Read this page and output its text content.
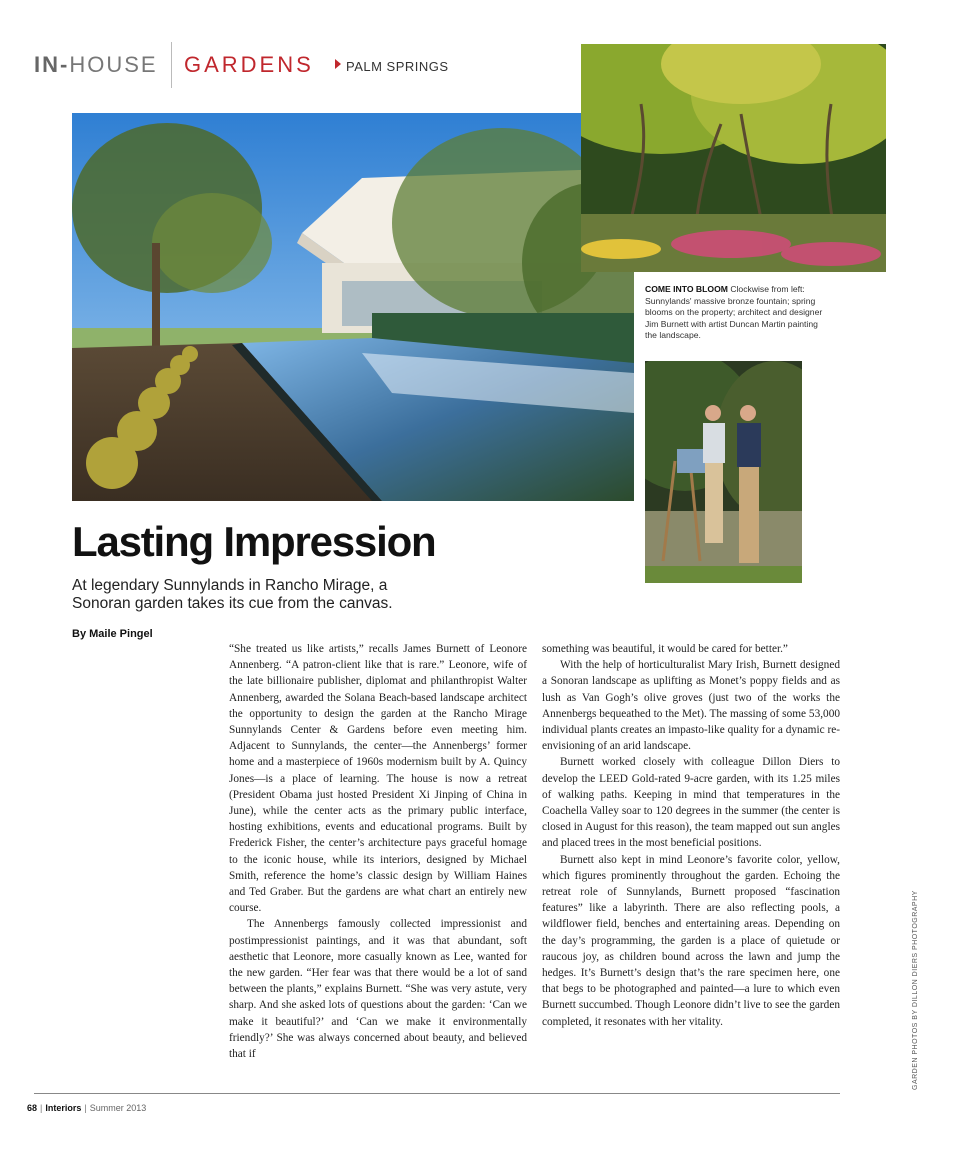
IN-HOUSE GARDENS PALM SPRINGS
COME INTO BLOOM Clockwise from left: Sunnylands' massive bronze fountain; spring blooms on the property; architect and designer Jim Burnett with artist Duncan Martin painting the landscape.
Lasting Impression
At legendary Sunnylands in Rancho Mirage, a Sonoran garden takes its cue from the canvas.
By Maile Pingel

“She treated us like artists,” recalls James Burnett of Leonore Annenberg. “A patron-client like that is rare.” Leonore, wife of the late billionaire publisher, diplomat and philanthropist Walter Annenberg, awarded the Solana Beach-based landscape architect the opportunity to design the garden at the Rancho Mirage Sunnylands Center & Gardens before even meeting him. Adjacent to Sunnylands, the center—the Annenbergs’ former home and a masterpiece of 1960s modernism built by A. Quincy Jones—is a place of learning. The house is now a retreat (President Obama just hosted President Xi Jinping of China in June), while the center acts as the primary public interface, hosting exhibitions, events and educational programs. Built by Frederick Fisher, the center’s architecture pays graceful homage to the iconic house, while its interiors, designed by Michael Smith, reference the home’s classic design by William Haines and Ted Graber. But the gardens are what chart an entirely new course.

The Annenbergs famously collected impressionist and postimpressionist paintings, and it was that abundant, soft aesthetic that Leonore, more casually known as Lee, wanted for the new garden. “Her fear was that there would be a lot of sand between the plants,” explains Burnett. “She was very astute, very sharp. And she asked lots of questions about the garden: ‘Can we make it beautiful?’ and ‘Can we make it environmentally friendly?’ She was always concerned about beauty, and believed that if

something was beautiful, it would be cared for better.”

With the help of horticulturalist Mary Irish, Burnett designed a Sonoran landscape as uplifting as Monet’s poppy fields and as lush as Van Gogh’s olive groves (just two of the works the Annenbergs bequeathed to the Met). The massing of some 53,000 individual plants creates an impasto-like quality for a dynamic re-envisioning of an arid landscape.

Burnett worked closely with colleague Dillon Diers to develop the LEED Gold-rated 9-acre garden, with its 1.25 miles of walking paths. Keeping in mind that temperatures in the Coachella Valley soar to 120 degrees in the summer (the center is closed in August for this reason), the team mapped out sun angles and placed trees in the most beneficial positions.

Burnett also kept in mind Leonore’s favorite color, yellow, which figures prominently throughout the garden. Echoing the retreat role of Sunnylands, Burnett proposed “fascination features” like a labyrinth. There are also reflecting pools, a wildflower field, benches and entertaining areas. Depending on the day’s programming, the garden is a place of quietude or raucous joy, as children bound across the lawn and jump the hedges. It’s Burnett’s design that’s the rare specimen here, one that begs to be photographed and painted—a lure to which even Burnett succumbed. Though Leonore didn’t live to see the garden completed, it resonates with her vitality.	GARDEN PHOTOS BY DILLON DIERS PHOTOGRAPHY
68 | Interiors | Summer 2013
